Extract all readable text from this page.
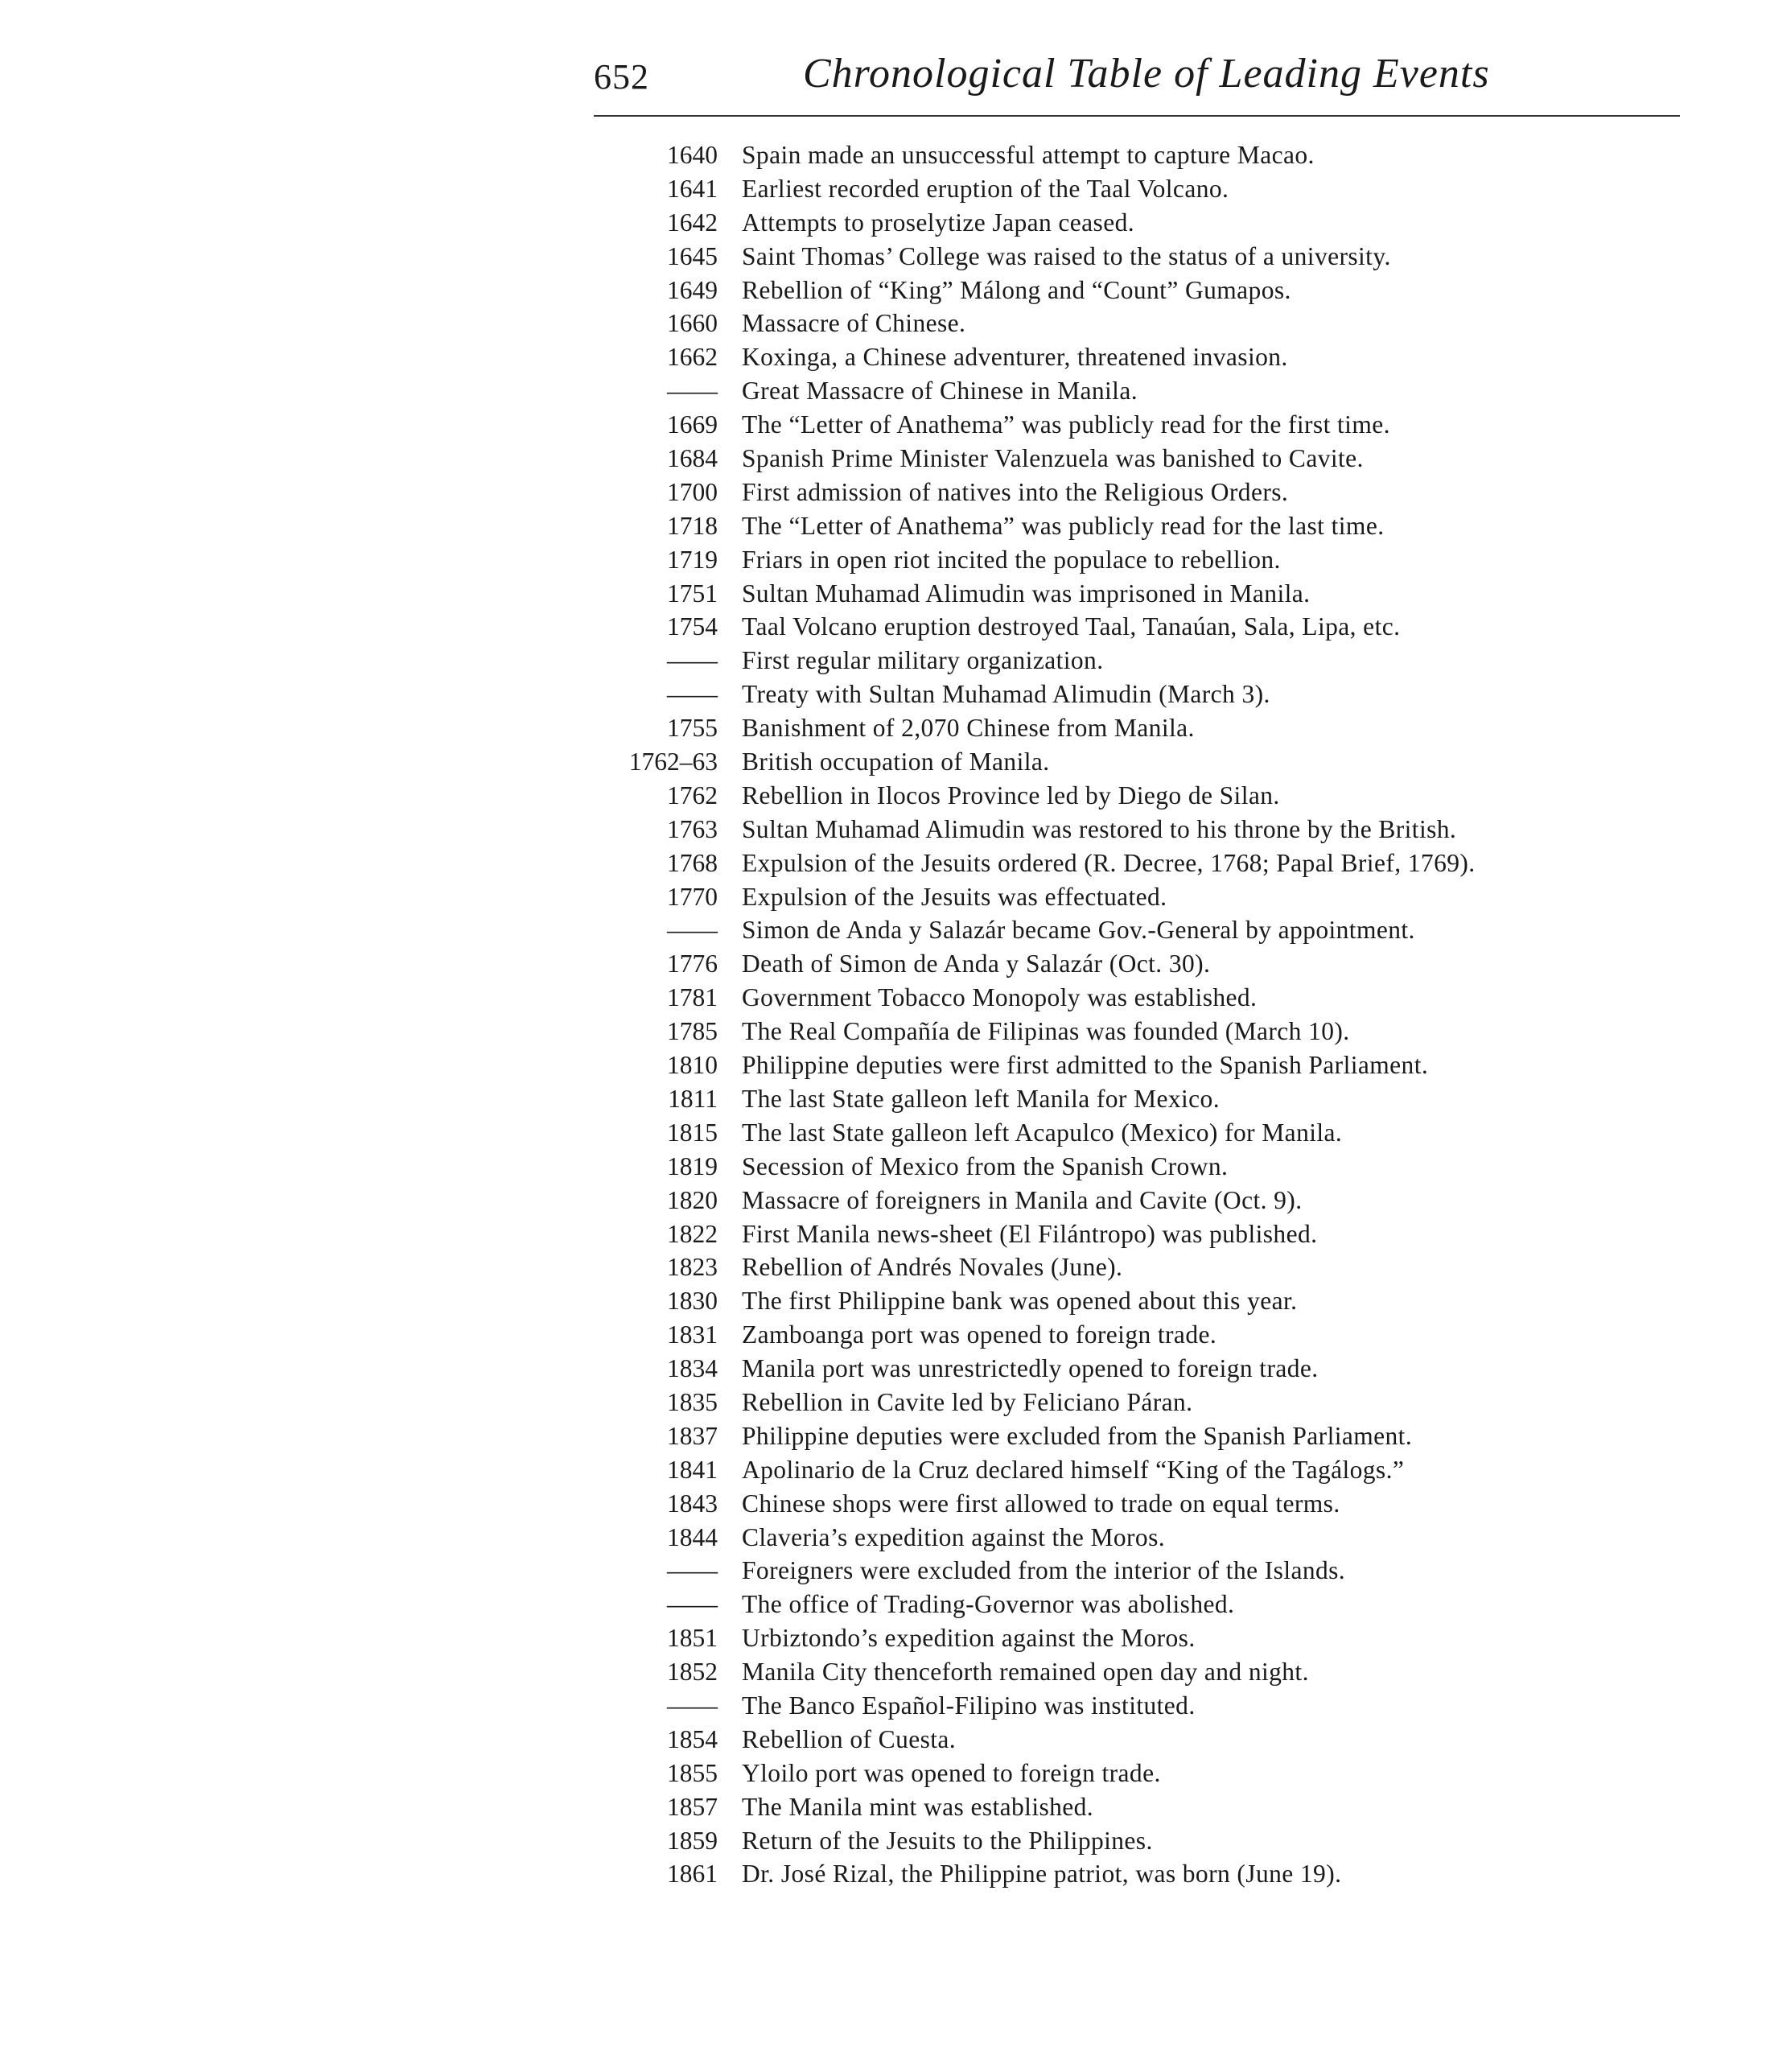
652	Chronological Table of Leading Events
1640 Spain made an unsuccessful attempt to capture Macao.
1641 Earliest recorded eruption of the Taal Volcano.
1642 Attempts to proselytize Japan ceased.
1645 Saint Thomas’ College was raised to the status of a university.
1649 Rebellion of “King” Málong and “Count” Gumapos.
1660 Massacre of Chinese.
1662 Koxinga, a Chinese adventurer, threatened invasion.
—— Great Massacre of Chinese in Manila.
1669 The “Letter of Anathema” was publicly read for the first time.
1684 Spanish Prime Minister Valenzuela was banished to Cavite.
1700 First admission of natives into the Religious Orders.
1718 The “Letter of Anathema” was publicly read for the last time.
1719 Friars in open riot incited the populace to rebellion.
1751 Sultan Muhamad Alimudin was imprisoned in Manila.
1754 Taal Volcano eruption destroyed Taal, Tanaúan, Sala, Lipa, etc.
—— First regular military organization.
—— Treaty with Sultan Muhamad Alimudin (March 3).
1755 Banishment of 2,070 Chinese from Manila.
1762–63 British occupation of Manila.
1762 Rebellion in Ilocos Province led by Diego de Silan.
1763 Sultan Muhamad Alimudin was restored to his throne by the British.
1768 Expulsion of the Jesuits ordered (R. Decree, 1768; Papal Brief, 1769).
1770 Expulsion of the Jesuits was effectuated.
—— Simon de Anda y Salazár became Gov.-General by appointment.
1776 Death of Simon de Anda y Salazár (Oct. 30).
1781 Government Tobacco Monopoly was established.
1785 The Real Compañía de Filipinas was founded (March 10).
1810 Philippine deputies were first admitted to the Spanish Parliament.
1811 The last State galleon left Manila for Mexico.
1815 The last State galleon left Acapulco (Mexico) for Manila.
1819 Secession of Mexico from the Spanish Crown.
1820 Massacre of foreigners in Manila and Cavite (Oct. 9).
1822 First Manila news-sheet (El Filántropo) was published.
1823 Rebellion of Andrés Novales (June).
1830 The first Philippine bank was opened about this year.
1831 Zamboanga port was opened to foreign trade.
1834 Manila port was unrestrictedly opened to foreign trade.
1835 Rebellion in Cavite led by Feliciano Páran.
1837 Philippine deputies were excluded from the Spanish Parliament.
1841 Apolinario de la Cruz declared himself “King of the Tagálogs.”
1843 Chinese shops were first allowed to trade on equal terms.
1844 Claveria’s expedition against the Moros.
—— Foreigners were excluded from the interior of the Islands.
—— The office of Trading-Governor was abolished.
1851 Urbiztondo’s expedition against the Moros.
1852 Manila City thenceforth remained open day and night.
—— The Banco Español-Filipino was instituted.
1854 Rebellion of Cuesta.
1855 Yloilo port was opened to foreign trade.
1857 The Manila mint was established.
1859 Return of the Jesuits to the Philippines.
1861 Dr. José Rizal, the Philippine patriot, was born (June 19).
